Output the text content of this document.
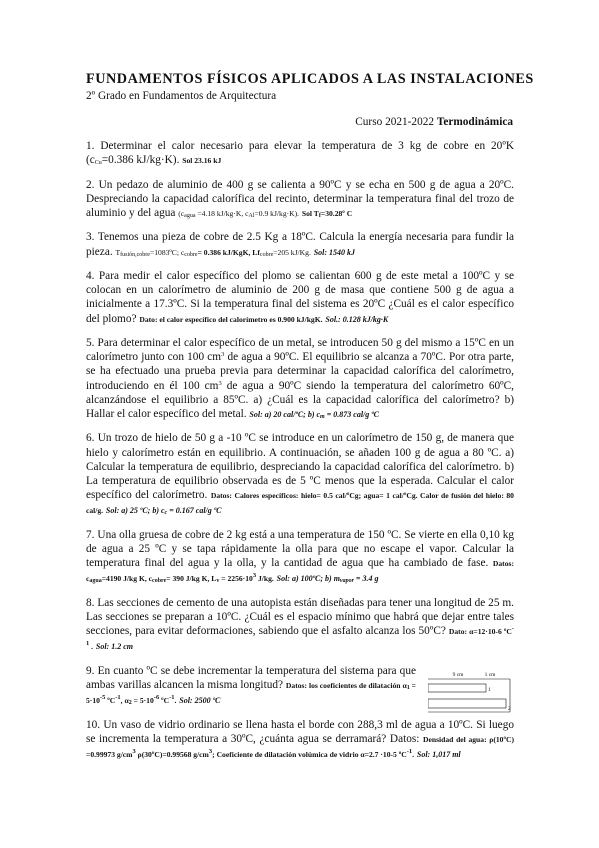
FUNDAMENTOS FÍSICOS APLICADOS A LAS INSTALACIONES
2º Grado en Fundamentos de Arquitectura
Curso 2021-2022 Termodinámica

1. Determinar el calor necesario para elevar la temperatura de 3 kg de cobre en 20ºK ($c_{Cu}=0.386$ kJ/kg·K). Sol 23.16 kJ

2. Un pedazo de aluminio de 400 g se calienta a 90ºC y se echa en 500 g de agua a 20ºC. Despreciando la capacidad calorífica del recinto, determinar la temperatura final del trozo de aluminio y del agua ($c_{agua} =4.18$ kJ/kg·K, $c_{Al}=0.9$ kJ/kg·K). Sol $T_f=30.28º$ C

3. Tenemos una pieza de cobre de 2.5 Kg a 18ºC. Calcula la energía necesaria para fundir la pieza. $T_{fusión,cobre}=1083ºC$; $c_{cobre}= 0.386$ kJ/KgK, $Lf_{cobre}=205$ kJ/Kg. Sol: 1540 kJ

4. Para medir el calor específico del plomo se calientan 600 g de este metal a 100ºC y se colocan en un calorímetro de aluminio de 200 g de masa que contiene 500 g de agua a inicialmente a 17.3ºC. Si la temperatura final del sistema es 20ºC ¿Cuál es el calor específico del plomo? Dato: el calor específico del calorímetro es 0.900 kJ/kgK. Sol.: 0.128 kJ/kg·K

5. Para determinar el calor específico de un metal, se introducen 50 g del mismo a 15ºC en un calorímetro junto con 100 $cm^3$ de agua a 90ºC. El equilibrio se alcanza a 70ºC. Por otra parte, se ha efectuado una prueba previa para determinar la capacidad calorífica del calorímetro, introduciendo en él 100 $cm^3$ de agua a 90ºC siendo la temperatura del calorímetro 60ºC, alcanzándose el equilibrio a 85ºC. a) ¿Cuál es la capacidad calorífica del calorímetro? b) Hallar el calor específico del metal. Sol: a) 20 cal/ºC; b) $c_m = 0.873$ cal/g ºC

6. Un trozo de hielo de 50 g a -10 ºC se introduce en un calorímetro de 150 g, de manera que hielo y calorímetro están en equilibrio. A continuación, se añaden 100 g de agua a 80 ºC. a) Calcular la temperatura de equilibrio, despreciando la capacidad calorífica del calorímetro. b) La temperatura de equilibrio observada es de 5 ºC menos que la esperada. Calcular el calor específico del calorímetro. Datos: Calores específicos: hielo= 0.5 cal/ºCg; agua= 1 cal/ºCg. Calor de fusión del hielo: 80 cal/g. Sol: a) 25 ºC; b) $c_c = 0.167$ cal/g ºC

7. Una olla gruesa de cobre de 2 kg está a una temperatura de 150 ºC. Se vierte en ella 0,10 kg de agua a 25 ºC y se tapa rápidamente la olla para que no escape el vapor. Calcular la temperatura final del agua y la olla, y la cantidad de agua que ha cambiado de fase. Datos: $c_{agua}=4190$ J/kg K, $c_{cobre}= 390$ J/kg K, $L_v = 2256\cdot 10^3$ J/kg. Sol: a) 100ºC; b) $m_{vapor} = 3.4$ g

8. Las secciones de cemento de una autopista están diseñadas para tener una longitud de 25 m. Las secciones se preparan a 10ºC. ¿Cuál es el espacio mínimo que habrá que dejar entre tales secciones, para evitar deformaciones, sabiendo que el asfalto alcanza los 50ºC? Dato: α=12·10-6 ºC$^{-1}$ . Sol: 1.2 cm

9. En cuanto ºC se debe incrementar la temperatura del sistema para que ambas varillas alcancen la misma longitud? Datos: los coeficientes de dilatación $\alpha_1 = 5\cdot 10^{-5}$ ºC$^{-1}$, $\alpha_2 = 5\cdot 10^{-6}$ ºC$^{-1}$. Sol: 2500 ºC
9 cm	1 cm
1
2

10. Un vaso de vidrio ordinario se llena hasta el borde con 288,3 ml de agua a 10ºC. Si luego se incrementa la temperatura a 30ºC, ¿cuánta agua se derramará? Datos: Densidad del agua: ρ(10ºC) =0.99973 $g/cm^3$ ρ(30ºC)=0.99568 $g/cm^3$; Coeficiente de dilatación volúmica de vidrio α=2.7 ·10-5 ºC$^{-1}$. Sol: 1,017 ml
